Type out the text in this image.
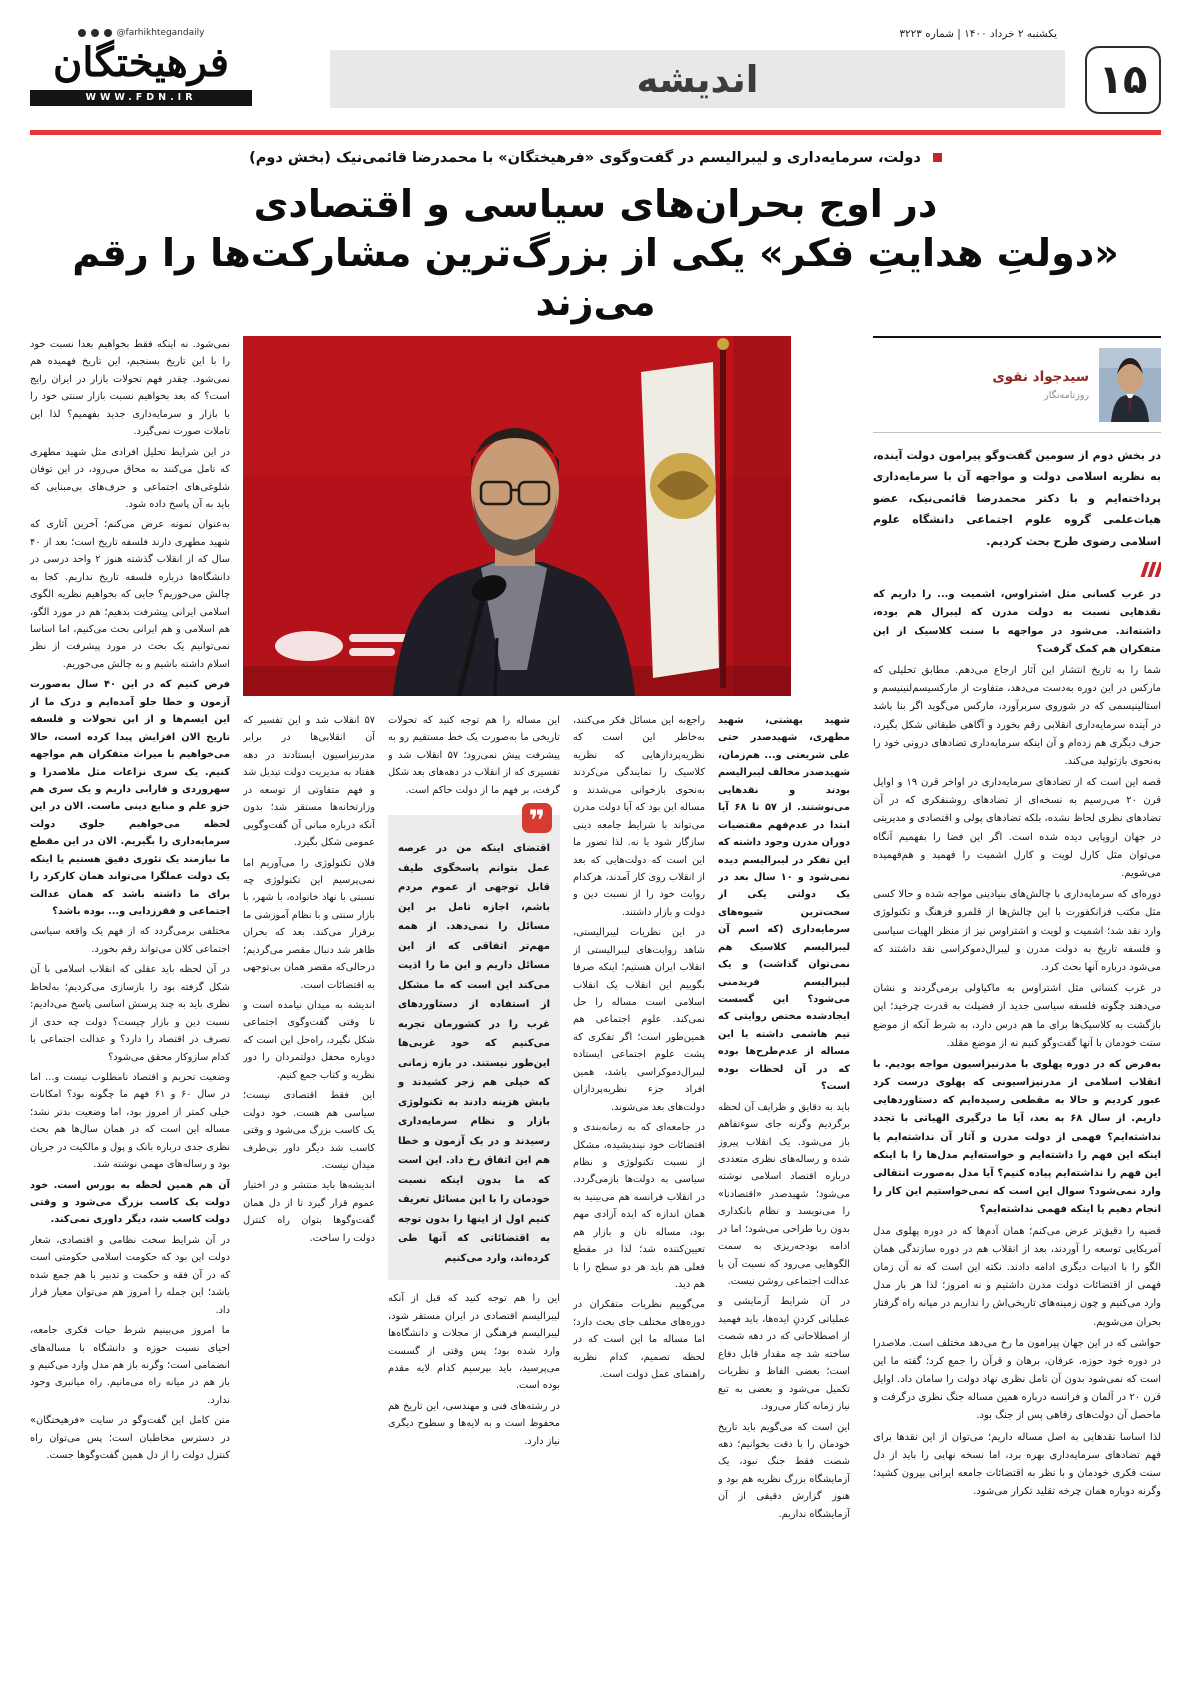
یکشنبه ۲ خرداد ۱۴۰۰ | شماره ۳۲۲۳
۱۵
اندیشه
@farhikhtegandaily
فرهیختگان
WWW.FDN.IR
دولت، سرمایه‌داری و لیبرالیسم در گفت‌وگوی «فرهیختگان» با محمدرضا قائمی‌نیک (بخش دوم)
در اوج بحران‌های سیاسی و اقتصادی
«دولتِ هدایتِ فکر» یکی از بزرگ‌ترین مشارکت‌ها را رقم می‌زند
سیدجواد نقوی
روزنامه‌نگار

در بخش دوم از سومین گفت‌وگو پیرامون دولت آینده، به نظریه اسلامی دولت و مواجهه آن با سرمایه‌داری پرداخته‌ایم و با دکتر محمدرضا قائمی‌نیک، عضو هیات‌علمی گروه علوم اجتماعی دانشگاه علوم اسلامی رضوی طرح بحث کردیم.

در غرب کسانی مثل اشتراوس، اشمیت و... را داریم که نقدهایی نسبت به دولت مدرن که لیبرال هم بوده، داشته‌اند. می‌شود در مواجهه با سنت کلاسیک از این متفکران هم کمک گرفت؟

شما را به تاریخ انتشار این آثار ارجاع می‌دهم. مطابق تحلیلی که مارکس در این دوره به‌دست می‌دهد، متفاوت از مارکسیسم‌لنینیسم و استالینیسمی که در شوروی سربرآورد، مارکس می‌گوید اگر بنا باشد در آینده سرمایه‌داری انقلابی رقم بخورد و آگاهی طبقاتی شکل بگیرد، حرف دیگری هم زده‌ام و آن اینکه سرمایه‌داری تضادهای درونی خود را به‌نحوی بازتولید می‌کند.

قصه این است که از تضادهای سرمایه‌داری در اواخر قرن ۱۹ و اوایل قرن ۲۰ می‌رسیم به نسخه‌ای از تضادهای روشنفکری که در آن تضادهای نظری لحاظ نشده، بلکه تضادهای پولی و اقتصادی و مدیریتی در جهان اروپایی دیده شده است. اگر این فضا را بفهمیم آنگاه می‌توان مثل کارل لویت و کارل اشمیت را فهمید و هم‌فهمیده می‌شویم.

دوره‌ای که سرمایه‌داری با چالش‌های بنیادینی مواجه شده و حالا کسی مثل مکتب فرانکفورت با این چالش‌ها از قلمرو فرهنگ و تکنولوژی وارد نقد شد؛ اشمیت و لویت و اشتراوس نیز از منظر الهیات سیاسی و فلسفه تاریخ به دولت مدرن و لیبرال‌دموکراسی نقد داشتند که می‌شود درباره آنها بحث کرد.

در غرب کسانی مثل اشتراوس به ماکیاولی برمی‌گردند و نشان می‌دهند چگونه فلسفه سیاسی جدید از فضیلت به قدرت چرخید؛ این بازگشت به کلاسیک‌ها برای ما هم درس دارد، به شرط آنکه از موضع سنت خودمان با آنها گفت‌وگو کنیم نه از موضع مقلد.

به‌فرض که در دوره پهلوی با مدرنیزاسیون مواجه بودیم. با انقلاب اسلامی از مدرنیزاسیونی که پهلوی درست کرد عبور کردیم و حالا به مقطعی رسیده‌ایم که دستاوردهایی داریم. از سال ۶۸ به بعد، آیا ما درگیری الهیاتی با تجدد نداشته‌ایم؟ فهمی از دولت مدرن و آثار آن نداشته‌ایم یا اینکه این فهم را داشته‌ایم و خواسته‌ایم مدل‌ها را با اینکه این فهم را نداشته‌ایم پیاده کنیم؟ آیا مدل به‌صورت انتقالی وارد نمی‌شود؟ سوال این است که نمی‌خواستیم این کار را انجام دهیم یا اینکه فهمی نداشته‌ایم؟

قضیه را دقیق‌تر عرض می‌کنم؛ همان آدم‌ها که در دوره پهلوی مدل آمریکایی توسعه را آوردند، بعد از انقلاب هم در دوره سازندگی همان الگو را با ادبیات دیگری ادامه دادند. نکته این است که نه آن زمان فهمی از اقتضائات دولت مدرن داشتیم و نه امروز؛ لذا هر بار مدل وارد می‌کنیم و چون زمینه‌های تاریخی‌اش را نداریم در میانه راه گرفتار بحران می‌شویم.

حواشی که در این جهان پیرامون ما رخ می‌دهد مختلف است. ملاصدرا در دوره خود حوزه، عرفان، برهان و قرآن را جمع کرد؛ گفته ما این است که نمی‌شود بدون آن تامل نظری نهاد دولت را سامان داد. اوایل قرن ۲۰ در آلمان و فرانسه درباره همین مساله جنگ نظری درگرفت و ماحصل آن دولت‌های رفاهی پس از جنگ بود.

لذا اساسا نقدهایی به اصل مساله داریم؛ می‌توان از این نقدها برای فهم تضادهای سرمایه‌داری بهره برد، اما نسخه نهایی را باید از دل سنت فکری خودمان و با نظر به اقتضائات جامعه ایرانی بیرون کشید؛ وگرنه دوباره همان چرخه تقلید تکرار می‌شود.

نمی‌شود. نه اینکه فقط بخواهیم بعدا نسبت خود را با این تاریخ بسنجیم، این تاریخ فهمیده هم نمی‌شود. چقدر فهم تحولات بازار در ایران رایج است؟ که بعد بخواهیم نسبت بازار سنتی خود را با بازار و سرمایه‌داری جدید بفهمیم؟ لذا این تاملات صورت نمی‌گیرد.

در این شرایط تحلیل افرادی مثل شهید مطهری که تامل می‌کنند به محاق می‌رود، در این توفان شلوغی‌های اجتماعی و حرف‌های بی‌مبنایی که باید به آن پاسخ داده شود.

به‌عنوان نمونه عرض می‌کنم؛ آخرین آثاری که شهید مطهری دارند فلسفه تاریخ است؛ بعد از ۴۰ سال که از انقلاب گذشته هنوز ۲ واحد درسی در دانشگاه‌ها درباره فلسفه تاریخ نداریم. کجا به چالش می‌خوریم؟ جایی که بخواهیم نظریه الگوی اسلامی ایرانی پیشرفت بدهیم؛ هم در مورد الگو، هم اسلامی و هم ایرانی بحث می‌کنیم، اما اساسا نمی‌توانیم یک بحث در مورد پیشرفت از نظر اسلام داشته باشیم و به چالش می‌خوریم.

فرض کنیم که در این ۴۰ سال به‌صورت آزمون و خطا جلو آمده‌ایم و درک ما از این ایسم‌ها و از این تحولات و فلسفه تاریخ الان افزایش پیدا کرده است، حالا می‌خواهیم با میراث متفکران هم مواجهه کنیم. یک سری نزاعات مثل ملاصدرا و سهروردی و فارابی داریم و یک سری هم جزو علم و منابع دینی ماست. الان در این لحظه می‌خواهیم جلوی دولت سرمایه‌داری را بگیریم. الان در این مقطع ما نیازمند یک تئوری دقیق هستیم یا اینکه یک دولت عملگرا می‌تواند همان کارکرد را برای ما داشته باشد که همان عدالت اجتماعی و فقرزدایی و... بوده باشد؟

مختلفی برمی‌گردد که از فهم یک واقعه سیاسی اجتماعی کلان می‌تواند رقم بخورد.

در آن لحظه باید عقلی که انقلاب اسلامی با آن شکل گرفته بود را بازسازی می‌کردیم؛ به‌لحاظ نظری باید به چند پرسش اساسی پاسخ می‌دادیم: نسبت دین و بازار چیست؟ دولت چه حدی از تصرف در اقتصاد را دارد؟ و عدالت اجتماعی با کدام سازوکار محقق می‌شود؟

وضعیت تحریم و اقتصاد نامطلوب نیست و... اما در سال ۶۰ و ۶۱ فهم ما چگونه بود؟ امکانات خیلی کمتر از امروز بود، اما وضعیت بدتر نشد؛ مساله این است که در همان سال‌ها هم بحث نظری جدی درباره بانک و پول و مالکیت در جریان بود و رساله‌های مهمی نوشته شد.

آن هم همین لحظه به بورس است. خود دولت یک کاسب بزرگ می‌شود و وقتی دولت کاسب شد، دیگر داوری نمی‌کند.

در آن شرایط سخت نظامی و اقتصادی، شعار دولت این بود که حکومت اسلامی حکومتی است که در آن فقه و حکمت و تدبیر با هم جمع شده باشد؛ این جمله را امروز هم می‌توان معیار قرار داد.

ما امروز می‌بینیم شرط حیات فکری جامعه، احیای نسبت حوزه و دانشگاه با مساله‌های انضمامی است؛ وگرنه باز هم مدل وارد می‌کنیم و باز هم در میانه راه می‌مانیم. راه میانبری وجود ندارد.

متن کامل این گفت‌وگو در سایت «فرهیختگان» در دسترس مخاطبان است؛ پس می‌توان راه کنترل دولت را از دل همین گفت‌وگوها جست.

شهید بهشتی، شهید مطهری، شهیدصدر حتی علی شریعتی و... هم‌زمان، شهیدصدر مخالف لیبرالیسم بودند و نقدهایی می‌نوشتند. از ۵۷ تا ۶۸ آیا ابتدا در عدم‌فهم مقتضیات دوران مدرن وجود داشته که این تفکر در لیبرالیسم دیده نمی‌شود و ۱۰ سال بعد در یک دولتی یکی از سخت‌ترین شیوه‌های سرمایه‌داری (که اسم آن لیبرالیسم کلاسیک هم نمی‌توان گذاشت) و یک لیبرالیسم فریدمنی می‌شود؟ این گسست ایجادشده مختص روایتی که تیم هاشمی داشته یا این مساله از عدم‌طرح‌ها بوده که در آن لحظات بوده است؟

باید به دقایق و ظرایف آن لحظه برگردیم وگرنه جای سوءتفاهم باز می‌شود. یک انقلاب پیروز شده و رساله‌های نظری متعددی درباره اقتصاد اسلامی نوشته می‌شود؛ شهیدصدر «اقتصادنا» را می‌نویسد و نظام بانکداری بدون ربا طراحی می‌شود؛ اما در ادامه بودجه‌ریزی به سمت الگوهایی می‌رود که نسبت آن با عدالت اجتماعی روشن نیست.

در آن شرایط آزمایشی و عملیاتی کردنِ ایده‌ها، باید فهمید از اصطلاحاتی که در دهه شصت ساخته شد چه مقدار قابل دفاع است؛ بعضی الفاظ و نظریات تکمیل می‌شود و بعضی به تبع نیاز زمانه کنار می‌رود.

این است که می‌گویم باید تاریخ خودمان را با دقت بخوانیم؛ دهه شصت فقط جنگ نبود، یک آزمایشگاه بزرگ نظریه هم بود و هنوز گزارش دقیقی از آن آزمایشگاه نداریم.

راجع‌به این مسائل فکر می‌کنند، به‌خاطر این است که نظریه‌پردازهایی که نظریه کلاسیک را نمایندگی می‌کردند به‌نحوی بازخوانی می‌شدند و مساله این بود که آیا دولت مدرن می‌تواند با شرایط جامعه دینی سازگار شود یا نه. لذا تصور ما این است که دولت‌هایی که بعد از انقلاب روی کار آمدند، هرکدام روایت خود را از نسبت دین و دولت و بازار داشتند.

در این نظریات لیبرالیستی، شاهد روایت‌های لیبرالیستی از انقلاب ایران هستیم؛ اینکه صرفا بگوییم این انقلاب یک انقلاب اسلامی است مساله را حل نمی‌کند. علوم اجتماعی هم همین‌طور است؛ اگر تفکری که پشت علوم اجتماعی ایستاده لیبرال‌دموکراسی باشد، همین افراد جزء نظریه‌پردازان دولت‌های بعد می‌شوند.

در جامعه‌ای که به زمانه‌بندی و اقتضائات خود نیندیشیده، مشکل از نسبت تکنولوژی و نظام سیاسی به دولت‌ها بازمی‌گردد. در انقلاب فرانسه هم می‌بینید به همان اندازه که ایده آزادی مهم بود، مساله نان و بازار هم تعیین‌کننده شد؛ لذا در مقطع فعلی هم باید هر دو سطح را با هم دید.

می‌گوییم نظریات متفکران در دوره‌های مختلف جای بحث دارد؛ اما مساله ما این است که در لحظه تصمیم، کدام نظریه راهنمای عمل دولت است.

این مساله را هم توجه کنید که تحولات تاریخی ما به‌صورت یک خط مستقیم رو به پیشرفت پیش نمی‌رود؛ ۵۷ انقلاب شد و تفسیری که از انقلاب در دهه‌های بعد شکل گرفت، بر فهم ما از دولت حاکم است.

❞

اقتضای اینکه من در عرصه عمل بتوانم پاسخگوی طیف قابل توجهی از عموم مردم باشم، اجازه تامل بر این مسائل را نمی‌دهد. از همه مهم‌تر اتفاقی که از این مسائل داریم و این ما را اذیت می‌کند این است که ما مشکل از استفاده از دستاوردهای غرب را در کشورمان تجربه می‌کنیم که خود غربی‌ها این‌طور نیستند. در بازه زمانی که خیلی هم زجر کشیدند و بابش هزینه دادند به تکنولوژی بازار و نظام سرمایه‌داری رسیدند و در یک آزمون و خطا هم این اتفاق رخ داد. این است که ما بدون اینکه نسبت خودمان را با این مسائل تعریف کنیم اول از اینها را بدون توجه به اقتضائاتی که آنها طی کرده‌اند، وارد می‌کنیم

این را هم توجه کنید که قبل از آنکه لیبرالیسم اقتصادی در ایران مستقر شود، لیبرالیسم فرهنگی از مجلات و دانشگاه‌ها وارد شده بود؛ پس وقتی از گسست می‌پرسید، باید بپرسیم کدام لایه مقدم بوده است.

در رشته‌های فنی و مهندسی، این تاریخ هم محفوظ است و به لایه‌ها و سطوح دیگری نیاز دارد.

۵۷ انقلاب شد و این تفسیر که آن انقلابی‌ها در برابر مدرنیزاسیون ایستادند در دهه هفتاد به مدیریت دولت تبدیل شد و فهم متفاوتی از توسعه در وزارتخانه‌ها مستقر شد؛ بدون آنکه درباره مبانی آن گفت‌وگویی عمومی شکل بگیرد.

فلان تکنولوژی را می‌آوریم اما نمی‌پرسیم این تکنولوژی چه نسبتی با نهاد خانواده، با شهر، با بازار سنتی و با نظام آموزشی ما برقرار می‌کند. بعد که بحران ظاهر شد دنبال مقصر می‌گردیم؛ درحالی‌که مقصر همان بی‌توجهی به اقتضائات است.

اندیشه به میدان نیامده است و تا وقتی گفت‌وگوی اجتماعی شکل نگیرد، راه‌حل این است که دوباره محفل دولتمردان را دور نظریه و کتاب جمع کنیم.

این فقط اقتصادی نیست؛ سیاسی هم هست. خود دولت یک کاسب بزرگ می‌شود و وقتی کاسب شد دیگر داور بی‌طرف میدان نیست.

اندیشه‌ها باید منتشر و در اختیار عموم قرار گیرد تا از دل همان گفت‌وگوها بتوان راه کنترل دولت را ساخت.
